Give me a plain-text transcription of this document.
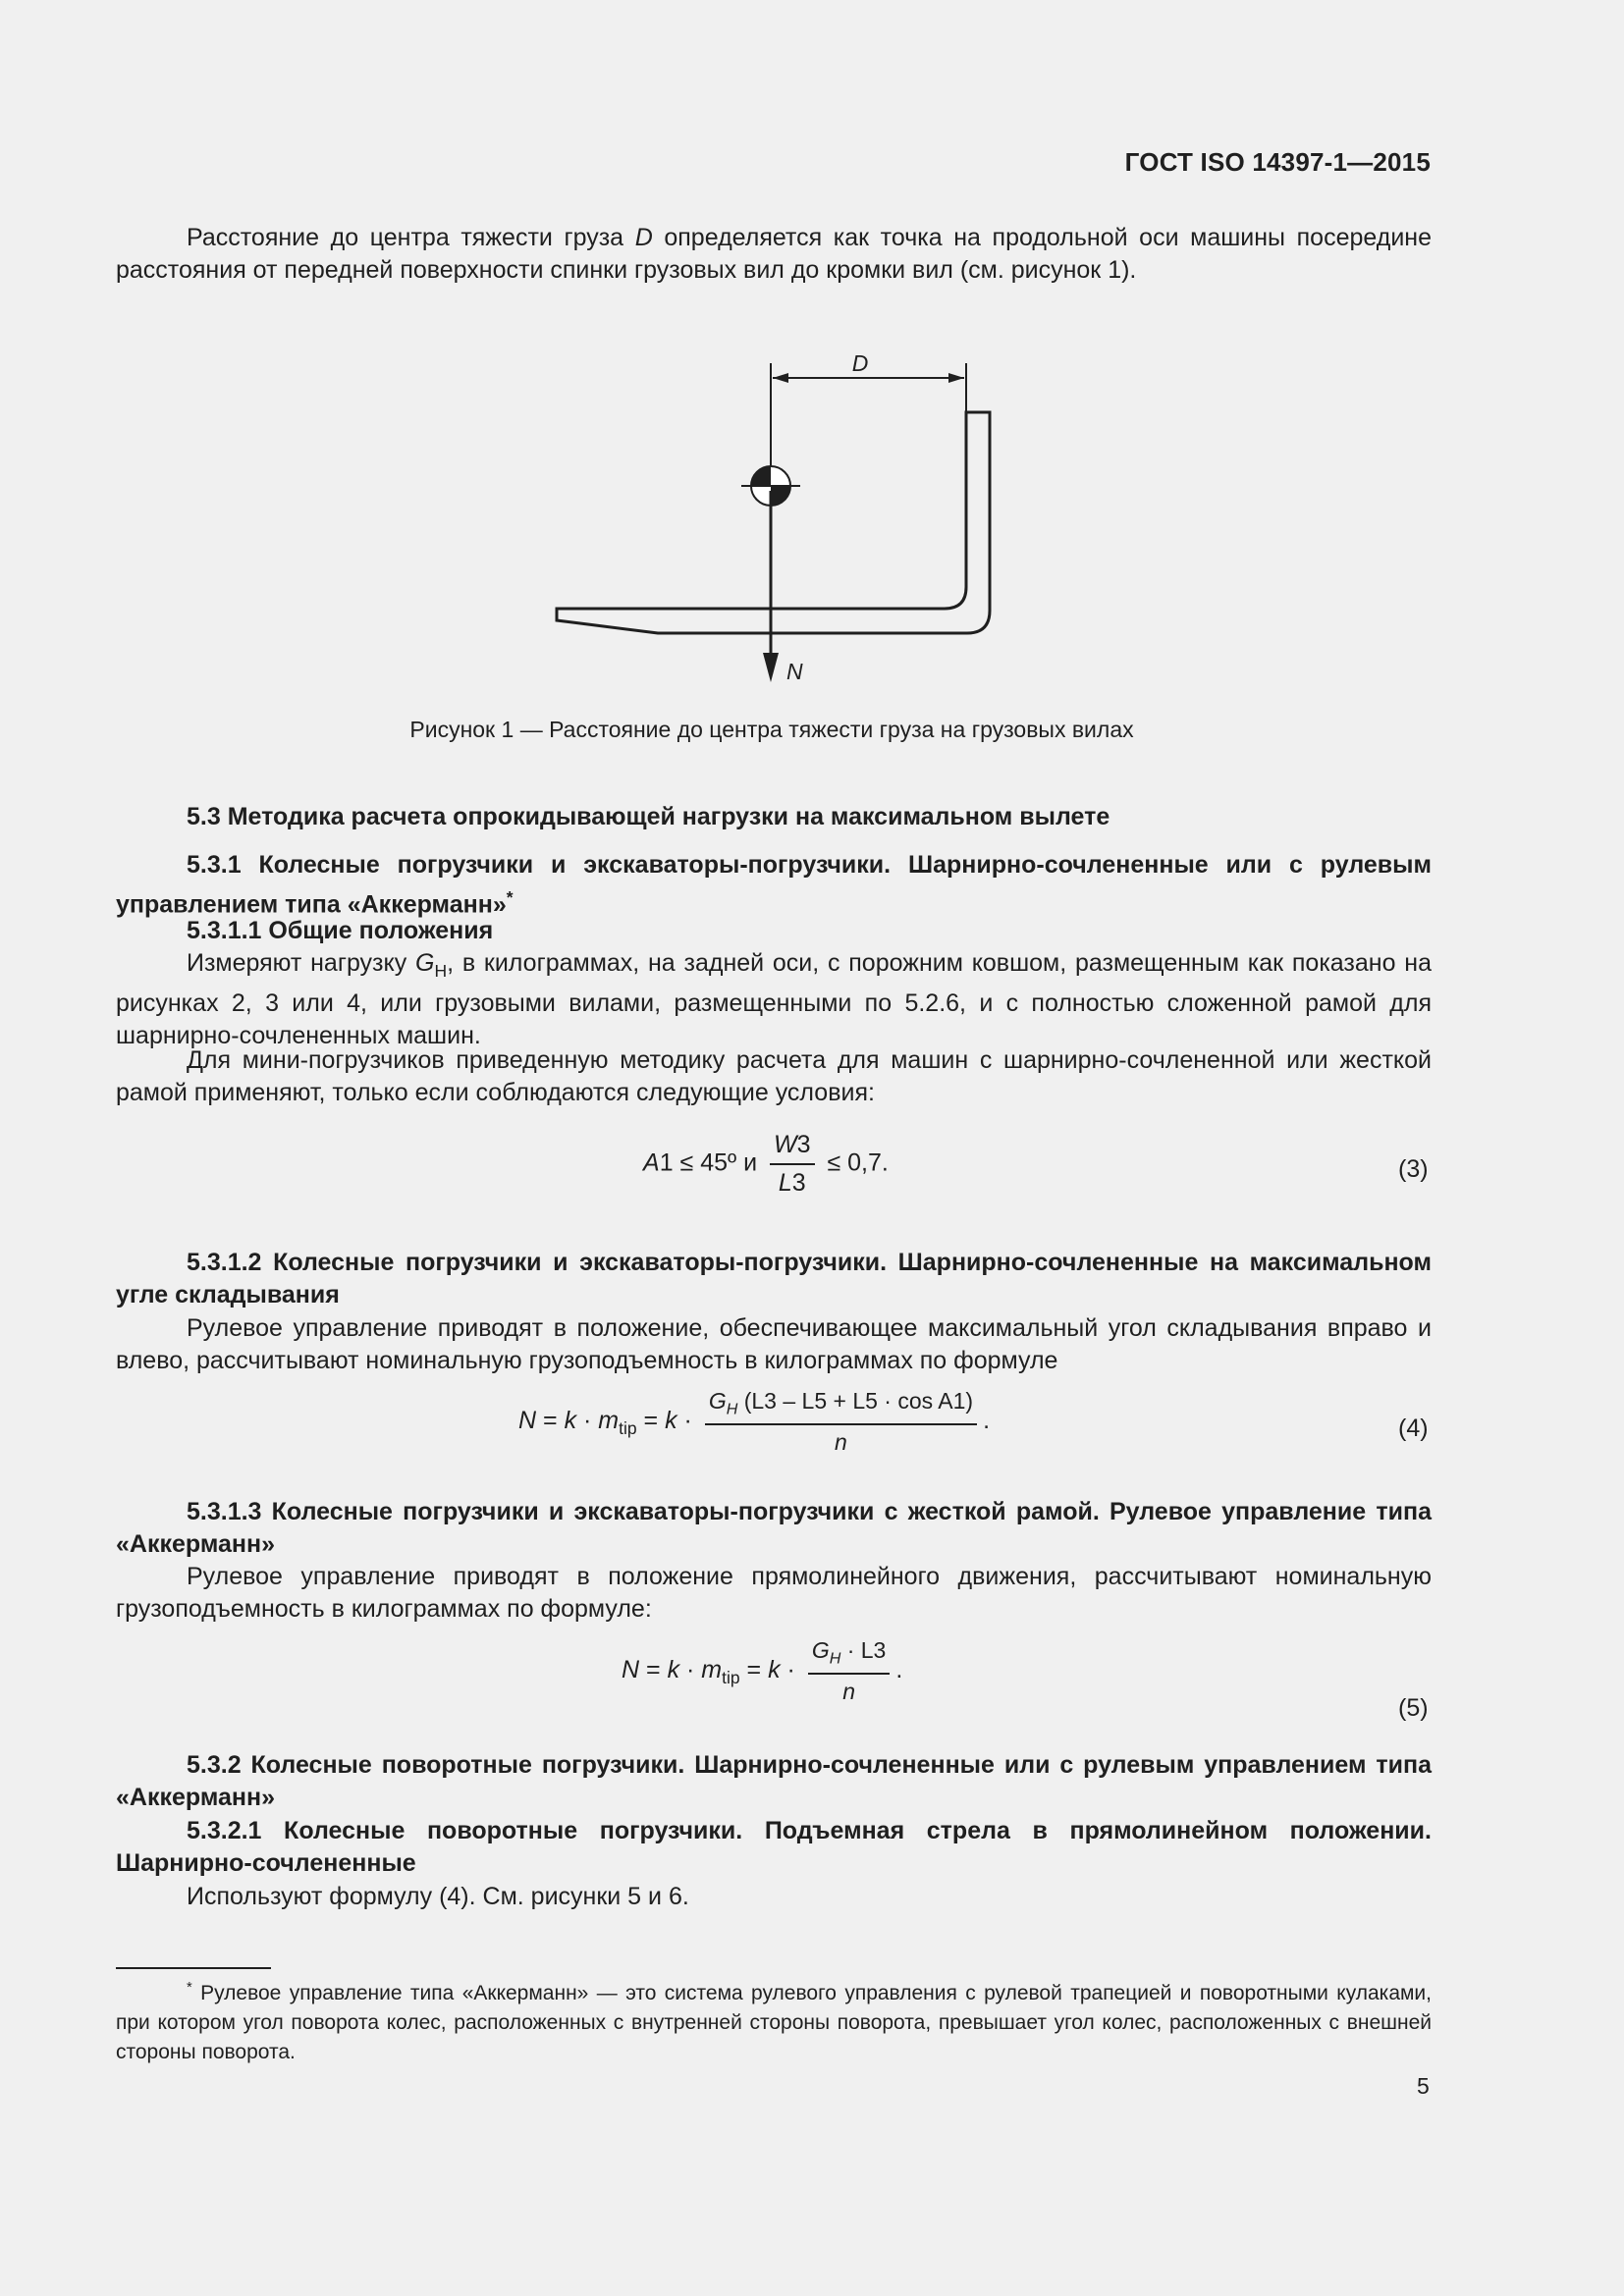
ГОСТ ISO 14397-1—2015
Расстояние до центра тяжести груза D определяется как точка на продольной оси машины посередине расстояния от передней поверхности спинки грузовых вил до кромки вил (см. рисунок 1).
D
N
Рисунок 1 — Расстояние до центра тяжести груза на грузовых вилах
5.3 Методика расчета опрокидывающей нагрузки на максимальном вылете
5.3.1 Колесные погрузчики и экскаваторы-погрузчики. Шарнирно-сочлененные или с рулевым управлением типа «Аккерманн»*
5.3.1.1 Общие положения
Измеряют нагрузку $G_Н$, в килограммах, на задней оси, с порожним ковшом, размещенным как показано на рисунках 2, 3 или 4, или грузовыми вилами, размещенными по 5.2.6, и с полностью сложенной рамой для шарнирно-сочлененных машин.
Для мини-погрузчиков приведенную методику расчета для машин с шарнирно-сочлененной или жесткой рамой применяют, только если соблюдаются следующие условия:
A1 ≤ 45º и $\frac{W3}{L3} \le 0,7$.	(3)
5.3.1.2 Колесные погрузчики и экскаваторы-погрузчики. Шарнирно-сочлененные на максимальном угле складывания
Рулевое управление приводят в положение, обеспечивающее максимальный угол складывания вправо и влево, рассчитывают номинальную грузоподъемность в килограммах по формуле
$N = k \cdot m_{tip} = k \cdot \frac{G_Н (L3 - L5 + L5 \cdot \cos A1)}{n}$ .	(4)
5.3.1.3 Колесные погрузчики и экскаваторы-погрузчики с жесткой рамой. Рулевое управление типа «Аккерманн»
Рулевое управление приводят в положение прямолинейного движения, рассчитывают номинальную грузоподъемность в килограммах по формуле:
$N = k \cdot m_{tip} = k \cdot \frac{G_Н \cdot L3}{n}$ .
(5)
5.3.2 Колесные поворотные погрузчики. Шарнирно-сочлененные или с рулевым управлением типа «Аккерманн»
5.3.2.1 Колесные поворотные погрузчики. Подъемная стрела в прямолинейном положении. Шарнирно-сочлененные
Используют формулу (4). См. рисунки 5 и 6.
* Рулевое управление типа «Аккерманн» — это система рулевого управления с рулевой трапецией и поворотными кулаками, при котором угол поворота колес, расположенных с внутренней стороны поворота, превышает угол колес, расположенных с внешней стороны поворота.
5
